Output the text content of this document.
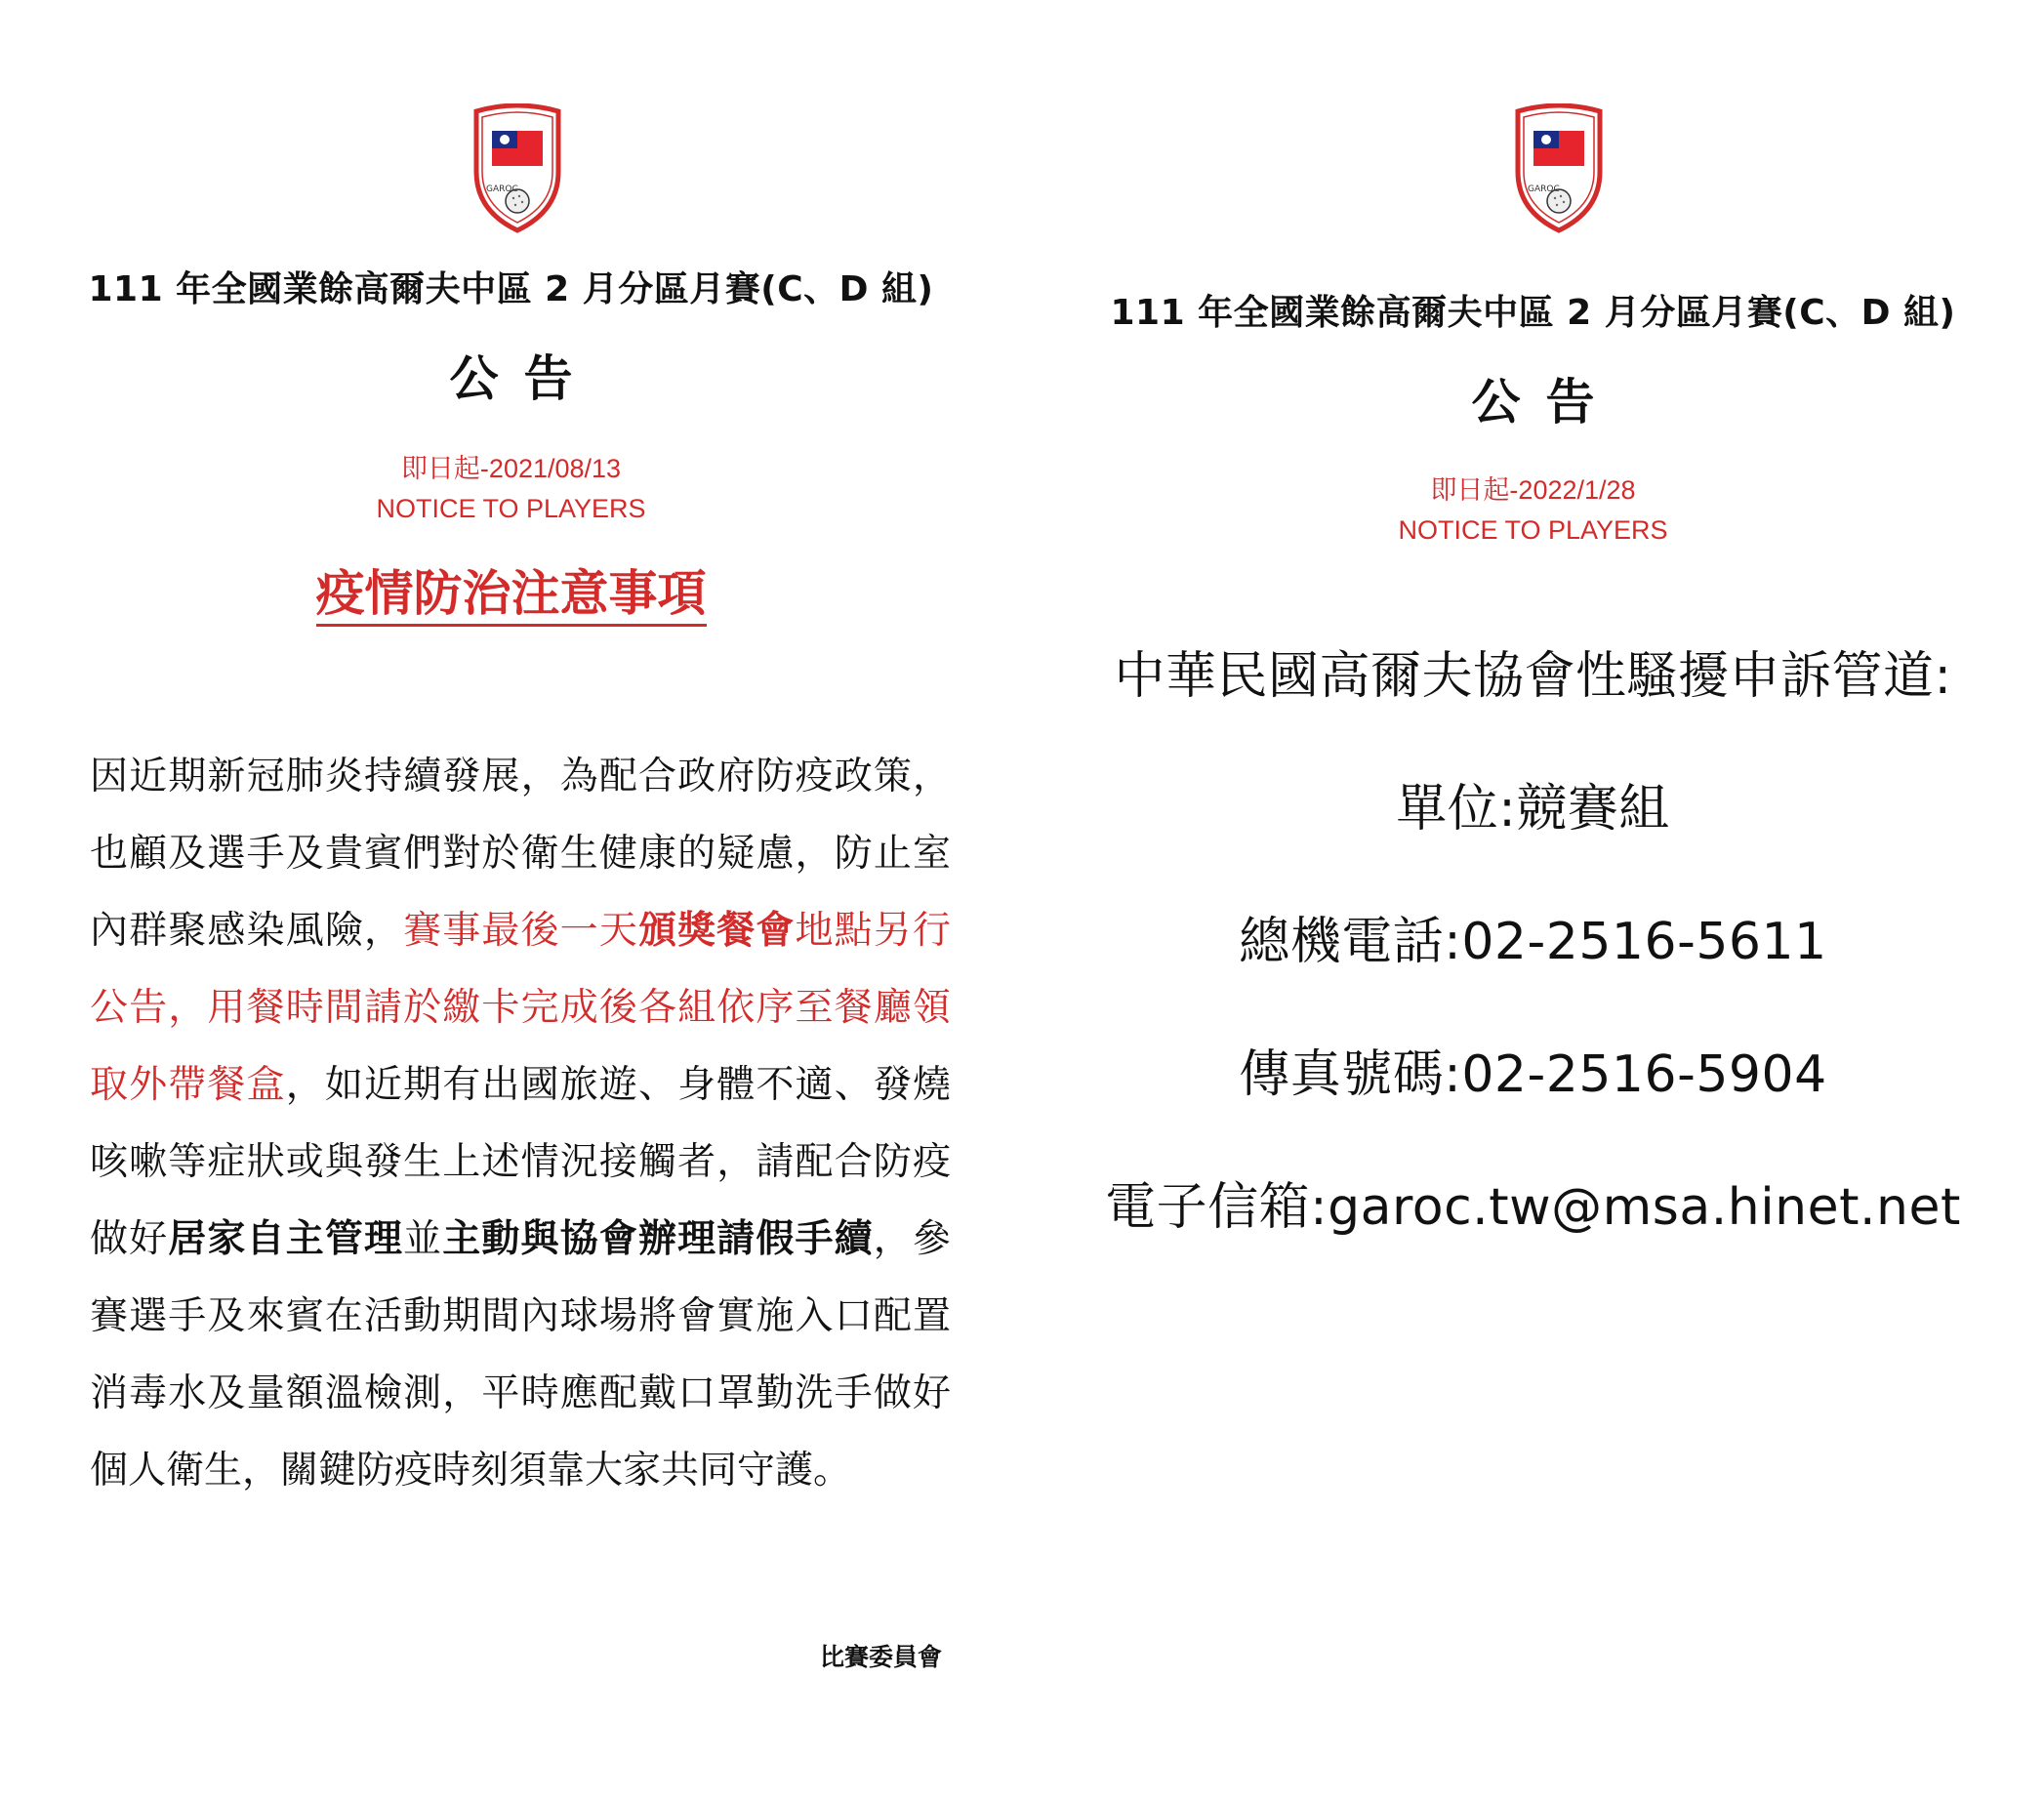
GAROC
111 年全國業餘高爾夫中區 2 月分區月賽(C、D 組)
公告
即日起-2021/08/13
NOTICE TO PLAYERS
疫情防治注意事項
因近期新冠肺炎持續發展，為配合政府防疫政策，也顧及選手及貴賓們對於衛生健康的疑慮，防止室內群聚感染風險，賽事最後一天頒獎餐會地點另行公告，用餐時間請於繳卡完成後各組依序至餐廳領取外帶餐盒，如近期有出國旅遊、身體不適、發燒咳嗽等症狀或與發生上述情況接觸者，請配合防疫做好居家自主管理並主動與協會辦理請假手續，參賽選手及來賓在活動期間內球場將會實施入口配置消毒水及量額溫檢測，平時應配戴口罩勤洗手做好個人衛生，關鍵防疫時刻須靠大家共同守護。
比賽委員會
GAROC
111 年全國業餘高爾夫中區 2 月分區月賽(C、D 組)
公告
即日起-2022/1/28
NOTICE TO PLAYERS
中華民國高爾夫協會性騷擾申訴管道:
單位:競賽組
總機電話:02-2516-5611
傳真號碼:02-2516-5904
電子信箱:garoc.tw@msa.hinet.net
